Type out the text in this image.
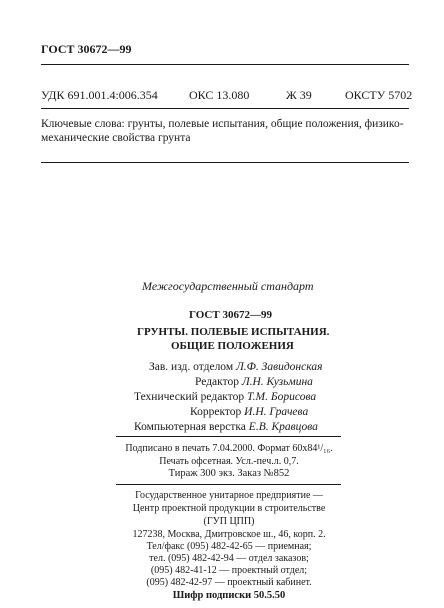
ГОСТ 30672—99
УДК 691.001.4:006.354	ОКС 13.080	Ж 39	ОКСТУ 5702
Ключевые слова: грунты, полевые испытания, общие положения, физико-
механические свойства грунта
Межгосударственный стандарт
ГОСТ 30672—99
ГРУНТЫ. ПОЛЕВЫЕ ИСПЫТАНИЯ.
ОБЩИЕ ПОЛОЖЕНИЯ
Зав. изд. отделом Л.Ф. Завидонская
Редактор Л.Н. Кузьмина
Технический редактор Т.М. Борисова
Корректор И.Н. Грачева
Компьютерная верстка Е.В. Кравцова
Подписано в печать 7.04.2000. Формат 60x84¹/₁₆.
Печать офсетная. Усл.-печ.л. 0,7.
Тираж 300 экз. Заказ №852
Государственное унитарное предприятие —
Центр проектной продукции в строительстве
(ГУП ЦПП)
127238, Москва, Дмитровское ш., 46, корп. 2.
Тел/факс (095) 482-42-65 — приемная;
тел. (095) 482-42-94 — отдел заказов;
(095) 482-41-12 — проектный отдел;
(095) 482-42-97 — проектный кабинет.
Шифр подписки 50.5.50
